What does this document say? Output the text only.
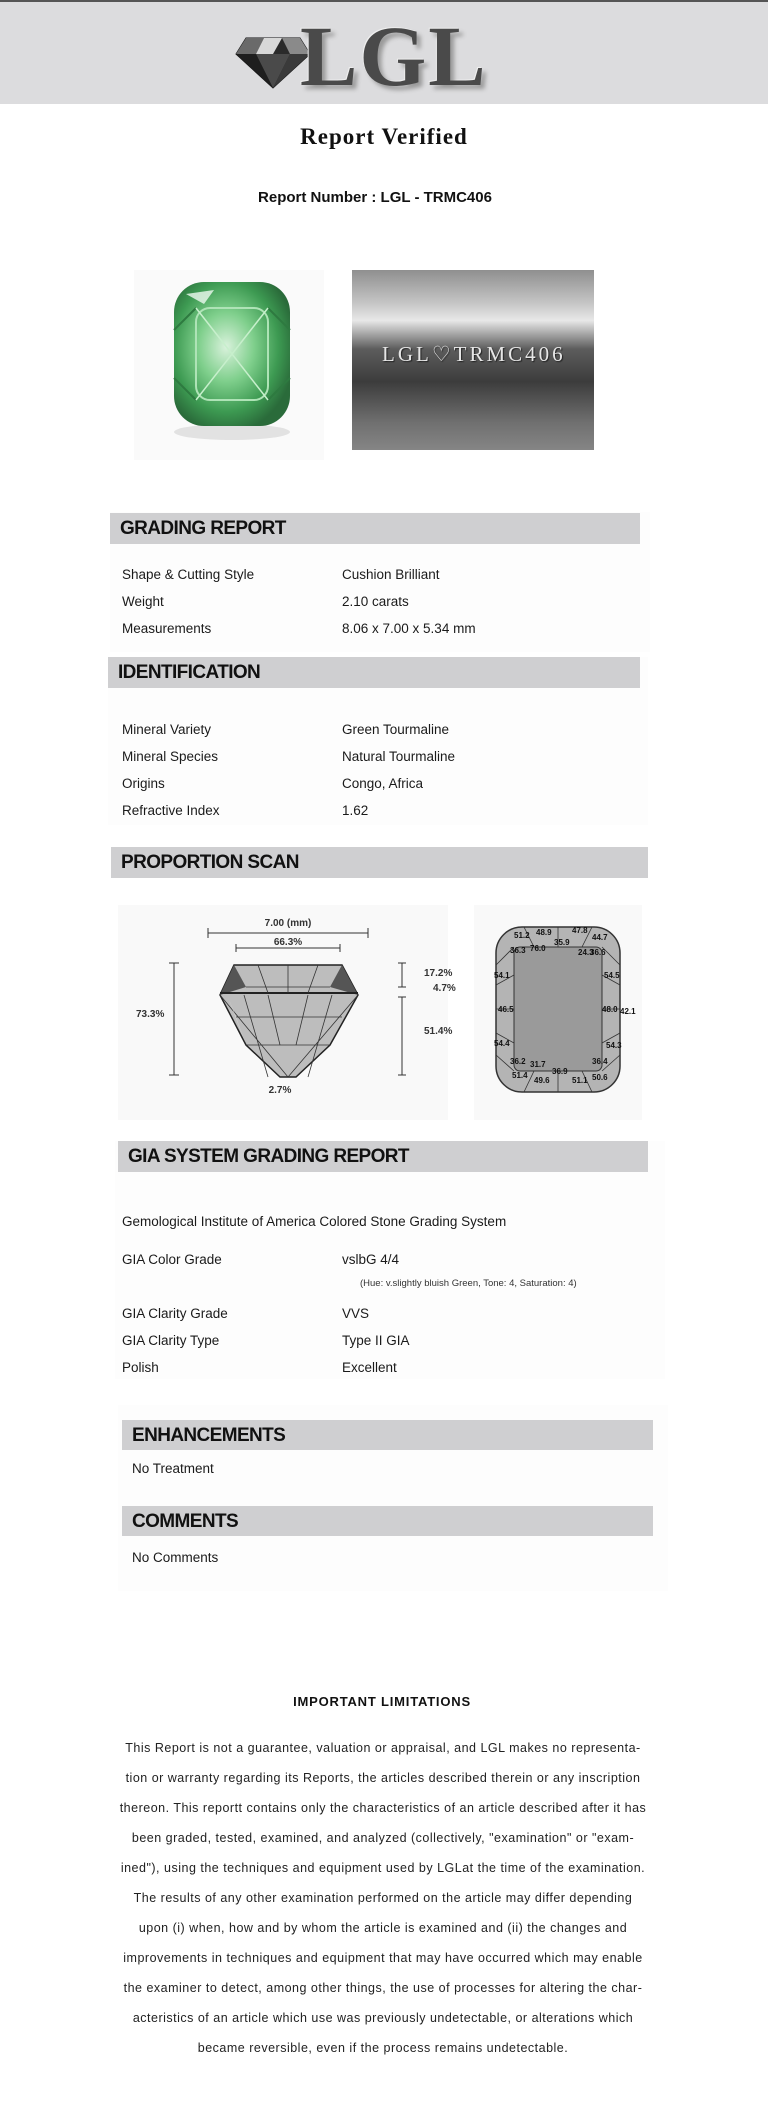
LGL
Report Verified
Report Number : LGL - TRMC406
LGL♡TRMC406
GRADING REPORT
Shape & Cutting Style	Cushion Brilliant
Weight	2.10 carats
Measurements	8.06 x 7.00 x 5.34 mm
IDENTIFICATION
Mineral Variety	Green Tourmaline
Mineral Species	Natural Tourmaline
Origins	Congo, Africa
Refractive Index	1.62
PROPORTION SCAN
7.00 (mm)
66.3%
73.3%
17.2%
4.7%
51.4%
2.7%
51.2 48.9	47.8
44.7
36.3 76.0
35.9
24.3
36.6
54.1	54.5
46.5	48.0 42.1
54.4	54.3
36.2 31.7
36.9
36.4
51.4
49.6	51.1 50.6
GIA SYSTEM GRADING REPORT
Gemological Institute of America Colored Stone Grading System
GIA Color Grade	vslbG 4/4
(Hue: v.slightly bluish Green, Tone: 4, Saturation: 4)
GIA Clarity Grade	VVS
GIA Clarity Type	Type II GIA
Polish	Excellent
ENHANCEMENTS
No Treatment
COMMENTS
No Comments
IMPORTANT LIMITATIONS
This Report is not a guarantee, valuation or appraisal, and LGL makes no representa-tion or warranty regarding its Reports, the articles described therein or any inscription thereon. This reportt contains only the characteristics of an article described after it has been graded, tested, examined, and analyzed (collectively, "examination" or "exam-ined"), using the techniques and equipment used by LGLat the time of the examination. The results of any other examination performed on the article may differ depending upon (i) when, how and by whom the article is examined and (ii) the changes and improvements in techniques and equipment that may have occurred which may enable the examiner to detect, among other things, the use of processes for altering the char-acteristics of an article which use was previously undetectable, or alterations which became reversible, even if the process remains undetectable.
